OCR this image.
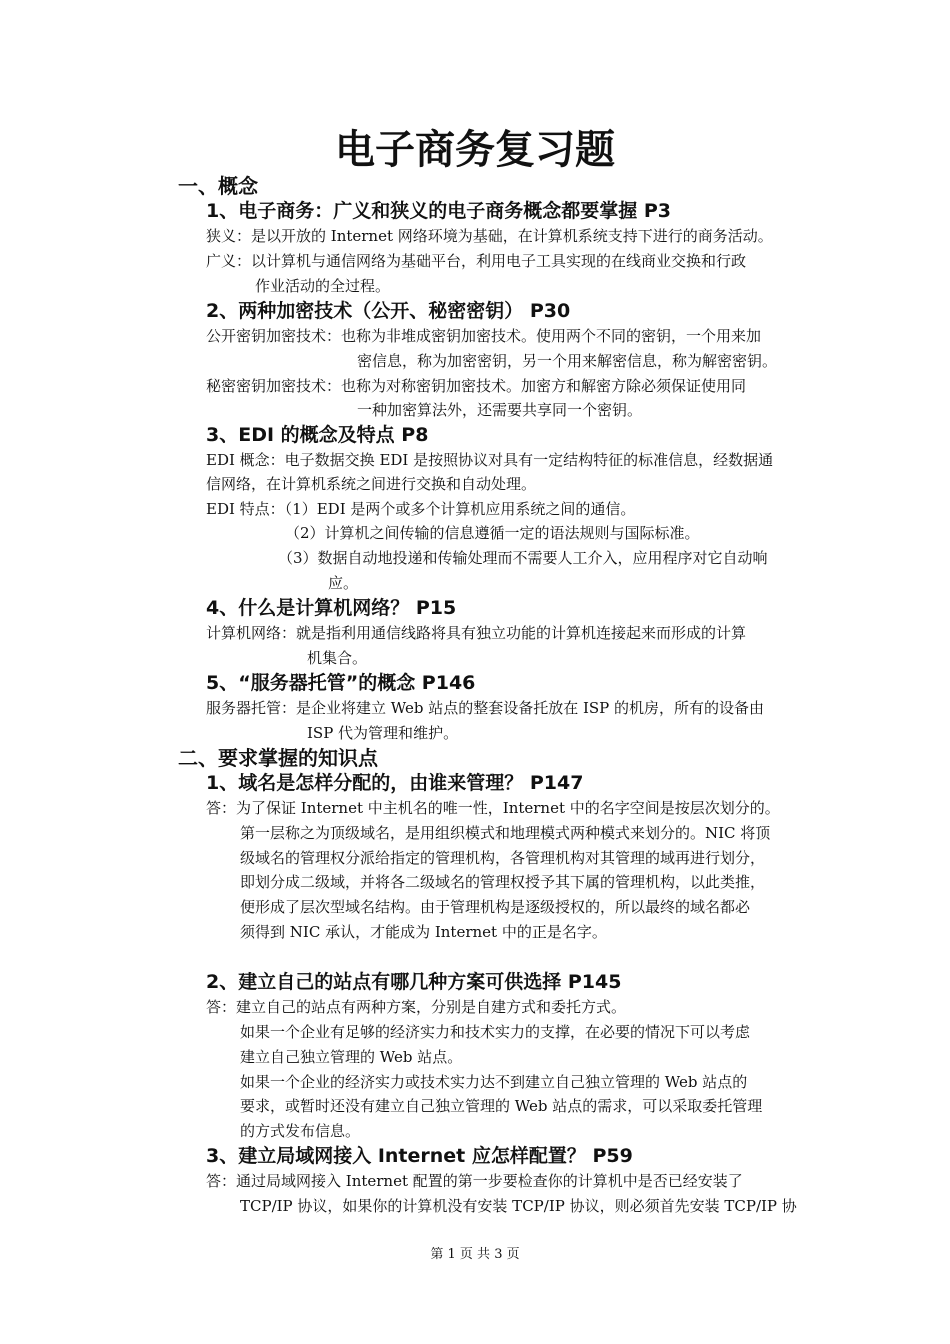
电子商务复习题
一、概念
1、电子商务：广义和狭义的电子商务概念都要掌握 P3
狭义：是以开放的 Internet 网络环境为基础，在计算机系统支持下进行的商务活动。
广义：以计算机与通信网络为基础平台，利用电子工具实现的在线商业交换和行政
作业活动的全过程。
2、两种加密技术（公开、秘密密钥） P30
公开密钥加密技术：也称为非堆成密钥加密技术。使用两个不同的密钥，一个用来加
密信息，称为加密密钥，另一个用来解密信息，称为解密密钥。
秘密密钥加密技术：也称为对称密钥加密技术。加密方和解密方除必须保证使用同
一种加密算法外，还需要共享同一个密钥。
3、EDI 的概念及特点 P8
EDI 概念：电子数据交换 EDI 是按照协议对具有一定结构特征的标准信息，经数据通
信网络，在计算机系统之间进行交换和自动处理。
EDI 特点：（1）EDI 是两个或多个计算机应用系统之间的通信。
（2）计算机之间传输的信息遵循一定的语法规则与国际标准。
（3）数据自动地投递和传输处理而不需要人工介入，应用程序对它自动响
应。
4、什么是计算机网络？ P15
计算机网络：就是指利用通信线路将具有独立功能的计算机连接起来而形成的计算
机集合。
5、“服务器托管”的概念 P146
服务器托管：是企业将建立 Web 站点的整套设备托放在 ISP 的机房，所有的设备由
ISP 代为管理和维护。
二、要求掌握的知识点
1、域名是怎样分配的，由谁来管理？ P147
答：为了保证 Internet 中主机名的唯一性，Internet 中的名字空间是按层次划分的。
第一层称之为顶级域名，是用组织模式和地理模式两种模式来划分的。NIC 将顶
级域名的管理权分派给指定的管理机构，各管理机构对其管理的域再进行划分，
即划分成二级域，并将各二级域名的管理权授予其下属的管理机构，以此类推，
便形成了层次型域名结构。由于管理机构是逐级授权的，所以最终的域名都必
须得到 NIC 承认，才能成为 Internet 中的正是名字。
2、建立自己的站点有哪几种方案可供选择 P145
答：建立自己的站点有两种方案，分别是自建方式和委托方式。
如果一个企业有足够的经济实力和技术实力的支撑，在必要的情况下可以考虑
建立自己独立管理的 Web 站点。
如果一个企业的经济实力或技术实力达不到建立自己独立管理的 Web 站点的
要求，或暂时还没有建立自己独立管理的 Web 站点的需求，可以采取委托管理
的方式发布信息。
3、建立局域网接入 Internet 应怎样配置？ P59
答：通过局域网接入 Internet 配置的第一步要检查你的计算机中是否已经安装了
TCP/IP 协议，如果你的计算机没有安装 TCP/IP 协议，则必须首先安装 TCP/IP 协
第 1 页 共 3 页
